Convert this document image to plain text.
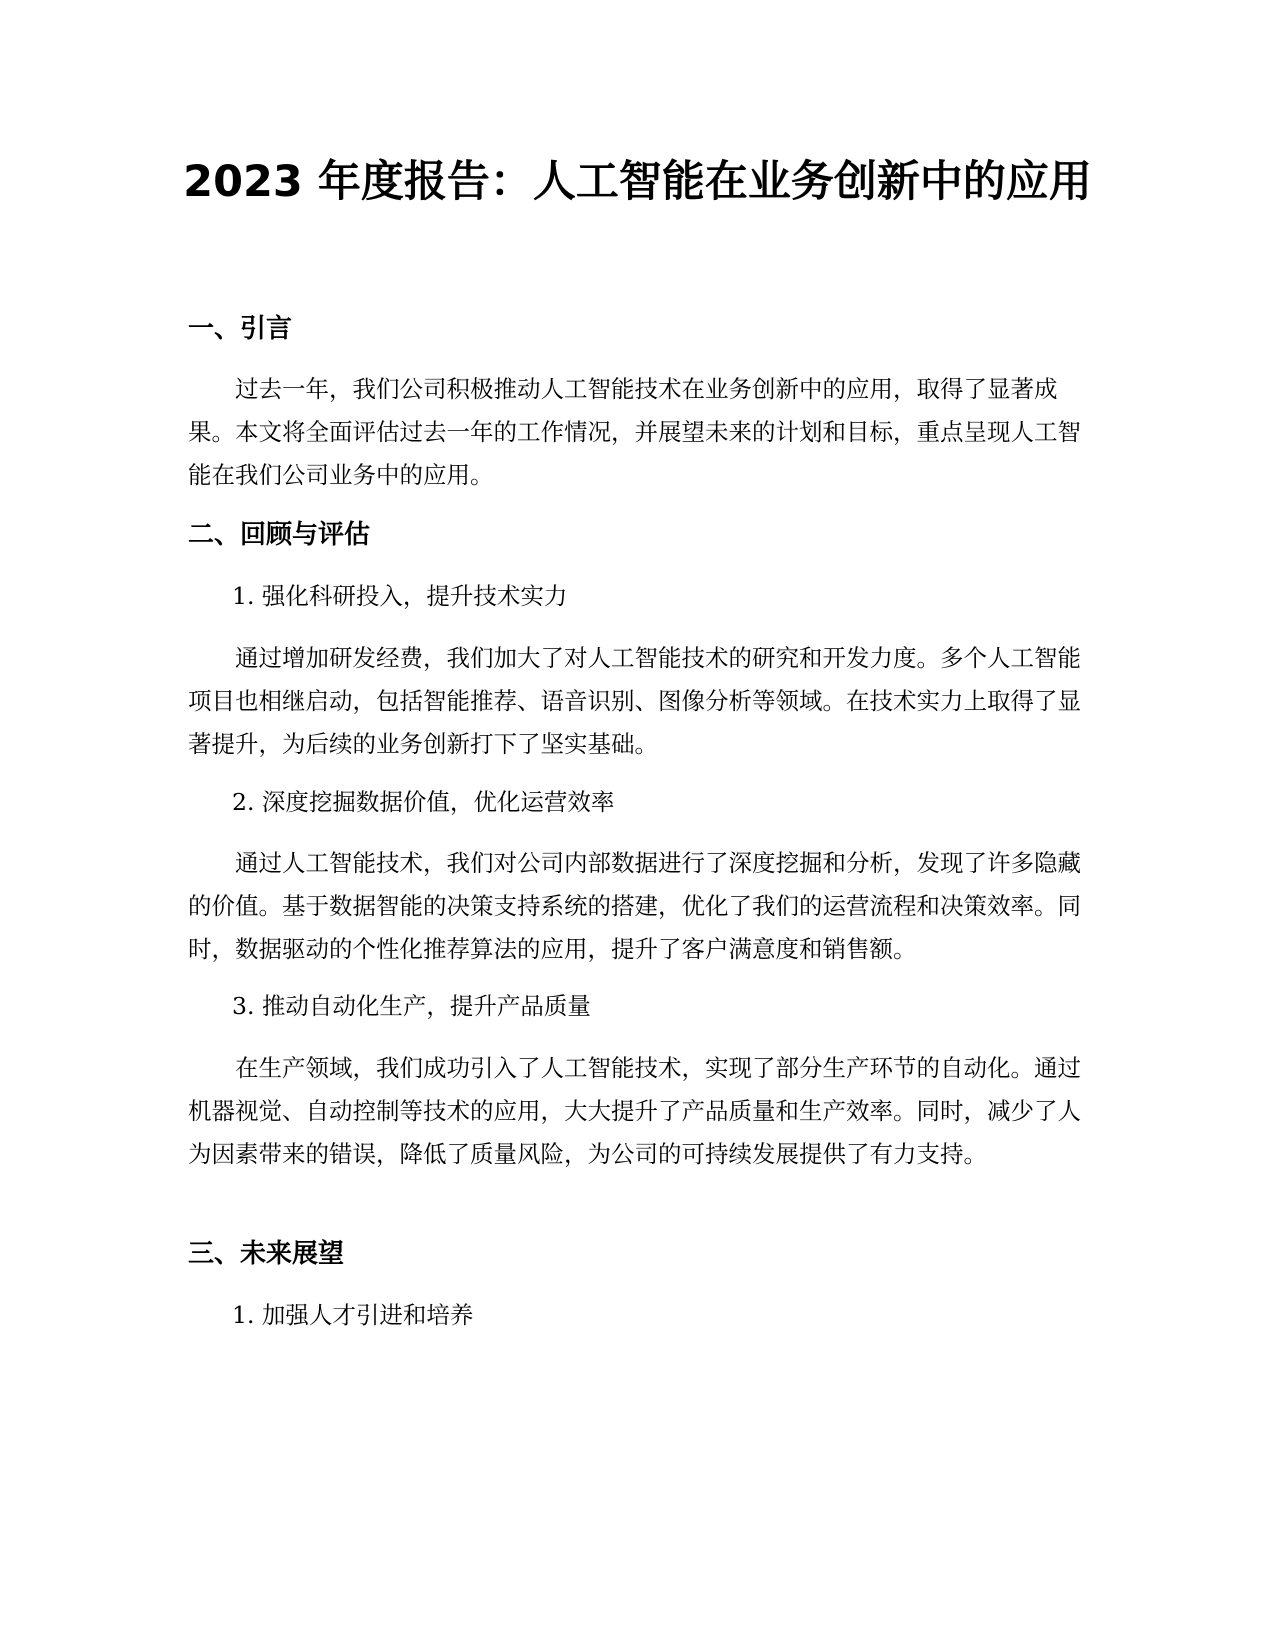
2023 年度报告：人工智能在业务创新中的应用
一、引言

过去一年，我们公司积极推动人工智能技术在业务创新中的应用，取得了显著成果。本文将全面评估过去一年的工作情况，并展望未来的计划和目标，重点呈现人工智能在我们公司业务中的应用。

二、回顾与评估

1. 强化科研投入，提升技术实力

通过增加研发经费，我们加大了对人工智能技术的研究和开发力度。多个人工智能项目也相继启动，包括智能推荐、语音识别、图像分析等领域。在技术实力上取得了显著提升，为后续的业务创新打下了坚实基础。

2. 深度挖掘数据价值，优化运营效率

通过人工智能技术，我们对公司内部数据进行了深度挖掘和分析，发现了许多隐藏的价值。基于数据智能的决策支持系统的搭建，优化了我们的运营流程和决策效率。同时，数据驱动的个性化推荐算法的应用，提升了客户满意度和销售额。

3. 推动自动化生产，提升产品质量

在生产领域，我们成功引入了人工智能技术，实现了部分生产环节的自动化。通过机器视觉、自动控制等技术的应用，大大提升了产品质量和生产效率。同时，减少了人为因素带来的错误，降低了质量风险，为公司的可持续发展提供了有力支持。

三、未来展望

1. 加强人才引进和培养
